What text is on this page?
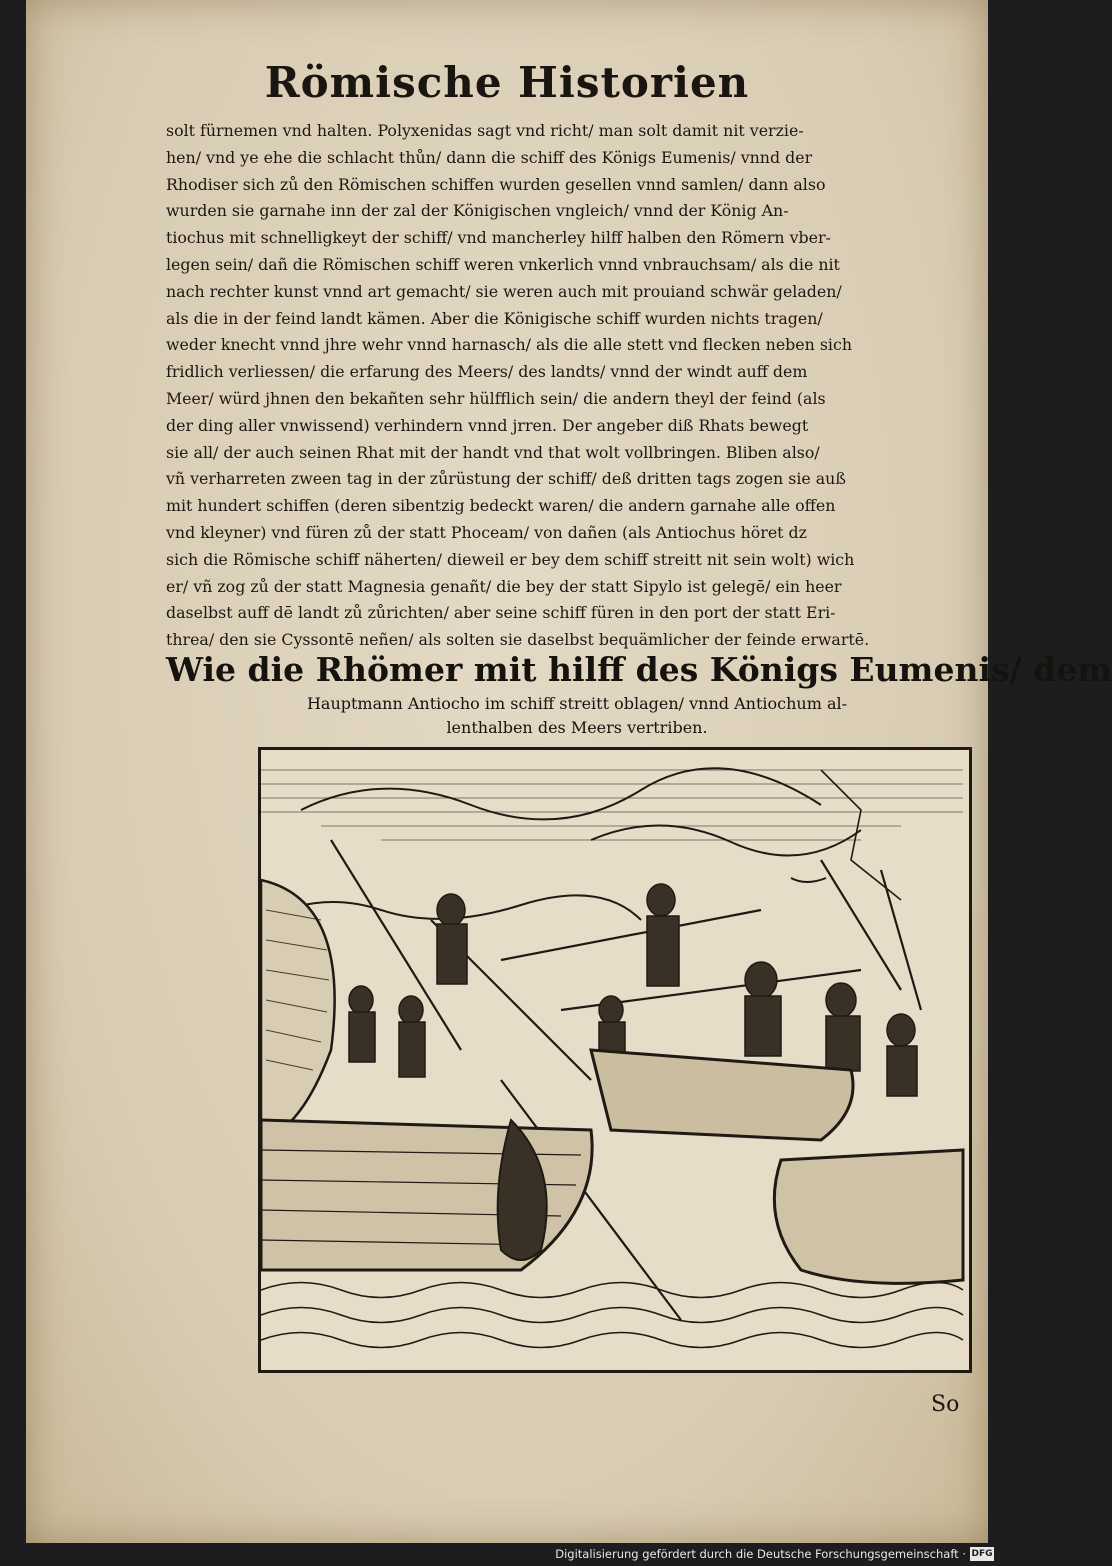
Römische Historien
solt fürnemen vnd halten. Polyxenidas sagt vnd richt/ man solt damit nit verzie-
hen/ vnd ye ehe die schlacht thůn/ dann die schiff des Königs Eumenis/ vnnd der
Rhodiser sich zů den Römischen schiffen wurden gesellen vnnd samlen/ dann also
wurden sie garnahe inn der zal der Königischen vngleich/ vnnd der König An-
tiochus mit schnelligkeyt der schiff/ vnd mancherley hilff halben den Römern vber-
legen sein/ dañ die Römischen schiff weren vnkerlich vnnd vnbrauchsam/ als die nit
nach rechter kunst vnnd art gemacht/ sie weren auch mit prouiand schwär geladen/
als die in der feind landt kämen. Aber die Königische schiff wurden nichts tragen/
weder knecht vnnd jhre wehr vnnd harnasch/ als die alle stett vnd flecken neben sich
fridlich verliessen/ die erfarung des Meers/ des landts/ vnnd der windt auff dem
Meer/ würd jhnen den bekañten sehr hülfflich sein/ die andern theyl der feind (als
der ding aller vnwissend) verhindern vnnd jrren. Der angeber diß Rhats bewegt
sie all/ der auch seinen Rhat mit der handt vnd that wolt vollbringen. Bliben also/
vñ verharreten zween tag in der zůrüstung der schiff/ deß dritten tags zogen sie auß
mit hundert schiffen (deren sibentzig bedeckt waren/ die andern garnahe alle offen
vnd kleyner) vnd füren zů der statt Phoceam/ von dañen (als Antiochus höret dz
sich die Römische schiff näherten/ dieweil er bey dem schiff streitt nit sein wolt) wich
er/ vñ zog zů der statt Magnesia genañt/ die bey der statt Sipylo ist gelegē/ ein heer
daselbst auff dē landt zů zůrichten/ aber seine schiff füren in den port der statt Eri-
threa/ den sie Cyssontē neñen/ als solten sie daselbst bequämlicher der feinde erwartē.
Wie die Rhömer mit hilff des Königs Eumenis/ dem
Hauptmann Antiocho im schiff streitt oblagen/ vnnd Antiochum al-
lenthalben des Meers vertriben.
So
Digitalisierung gefördert durch die Deutsche Forschungsgemeinschaft · DFG
